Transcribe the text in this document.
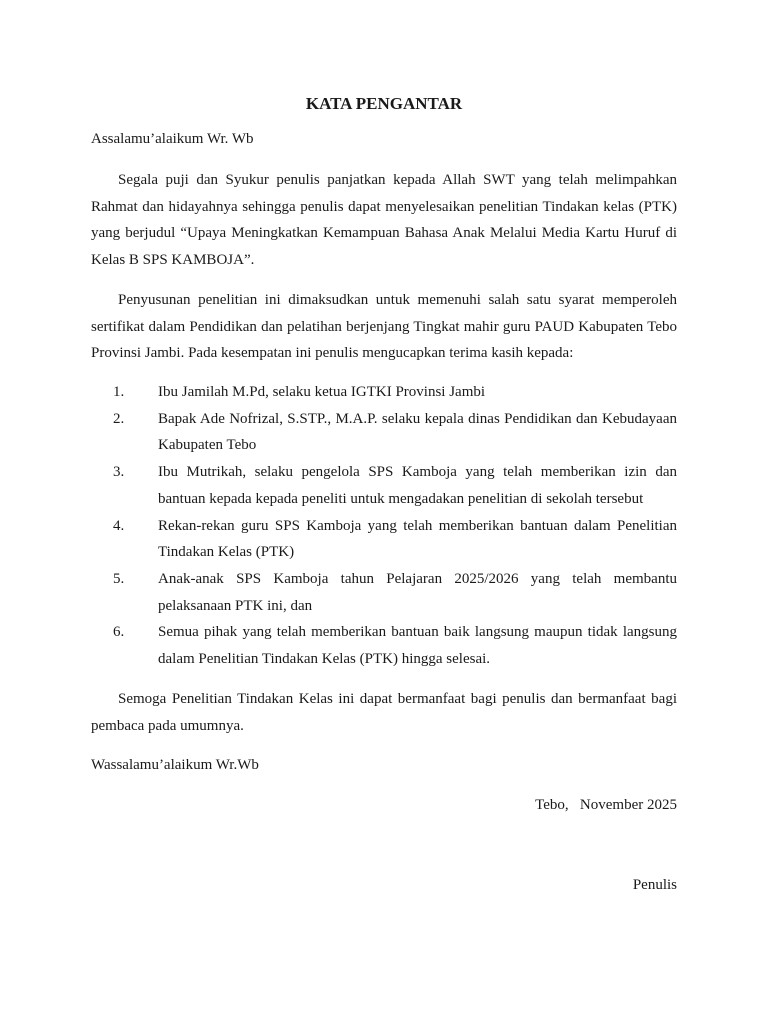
KATA PENGANTAR
Assalamu’alaikum Wr. Wb

Segala puji dan Syukur penulis panjatkan kepada Allah SWT yang telah melimpahkan Rahmat dan hidayahnya sehingga penulis dapat menyelesaikan penelitian Tindakan kelas (PTK) yang berjudul “Upaya Meningkatkan Kemampuan Bahasa Anak Melalui Media Kartu Huruf di Kelas B SPS KAMBOJA”.

Penyusunan penelitian ini dimaksudkan untuk memenuhi salah satu syarat memperoleh sertifikat dalam Pendidikan dan pelatihan berjenjang Tingkat mahir guru PAUD Kabupaten Tebo Provinsi Jambi. Pada kesempatan ini penulis mengucapkan terima kasih kepada:

1. Ibu Jamilah M.Pd, selaku ketua IGTKI Provinsi Jambi
2. Bapak Ade Nofrizal, S.STP., M.A.P. selaku kepala dinas Pendidikan dan Kebudayaan Kabupaten Tebo
3. Ibu Mutrikah, selaku pengelola SPS Kamboja yang telah memberikan izin dan bantuan kepada kepada peneliti untuk mengadakan penelitian di sekolah tersebut
4. Rekan-rekan guru SPS Kamboja yang telah memberikan bantuan dalam Penelitian Tindakan Kelas (PTK)
5. Anak-anak SPS Kamboja tahun Pelajaran 2025/2026 yang telah membantu pelaksanaan PTK ini, dan
6. Semua pihak yang telah memberikan bantuan baik langsung maupun tidak langsung dalam Penelitian Tindakan Kelas (PTK) hingga selesai.

Semoga Penelitian Tindakan Kelas ini dapat bermanfaat bagi penulis dan bermanfaat bagi pembaca pada umumnya.

Wassalamu’alaikum Wr.Wb
Tebo,   November 2025
Penulis
